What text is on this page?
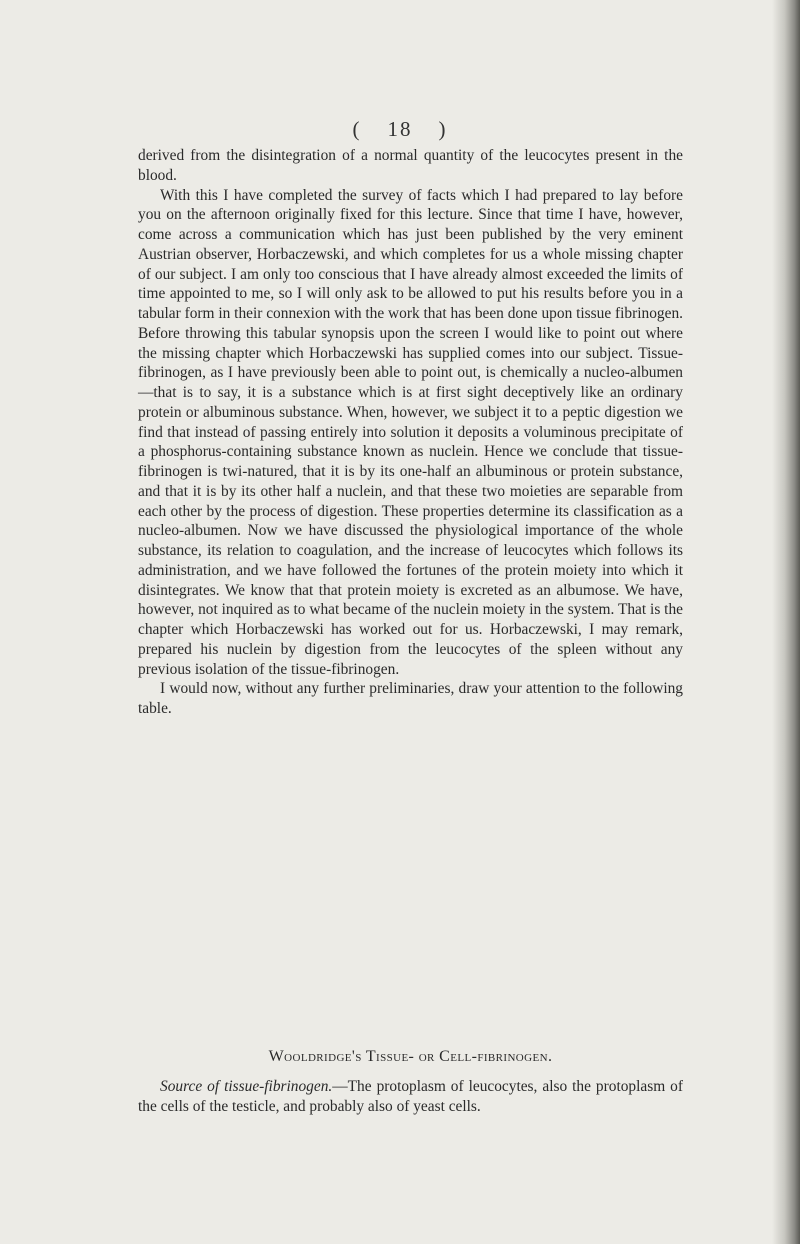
( 18 )

derived from the disintegration of a normal quantity of the leucocytes present in the blood.

With this I have completed the survey of facts which I had prepared to lay before you on the afternoon originally fixed for this lecture. Since that time I have, however, come across a communication which has just been published by the very eminent Austrian observer, Horbaczewski, and which completes for us a whole missing chapter of our subject. I am only too conscious that I have already almost exceeded the limits of time appointed to me, so I will only ask to be allowed to put his results before you in a tabular form in their connexion with the work that has been done upon tissue fibrinogen. Before throwing this tabular synopsis upon the screen I would like to point out where the missing chapter which Horbaczewski has supplied comes into our subject. Tissue-fibrinogen, as I have previously been able to point out, is chemically a nucleo-albumen—that is to say, it is a substance which is at first sight deceptively like an ordinary protein or albuminous substance. When, however, we subject it to a peptic digestion we find that instead of passing entirely into solution it deposits a voluminous precipitate of a phosphorus-containing substance known as nuclein. Hence we conclude that tissue-fibrinogen is twi-natured, that it is by its one-half an albuminous or protein substance, and that it is by its other half a nuclein, and that these two moieties are separable from each other by the process of digestion. These properties determine its classification as a nucleo-albumen. Now we have discussed the physiological importance of the whole substance, its relation to coagulation, and the increase of leucocytes which follows its administration, and we have followed the fortunes of the protein moiety into which it disintegrates. We know that that protein moiety is excreted as an albumose. We have, however, not inquired as to what became of the nuclein moiety in the system. That is the chapter which Horbaczewski has worked out for us. Horbaczewski, I may remark, prepared his nuclein by digestion from the leucocytes of the spleen without any previous isolation of the tissue-fibrinogen.

I would now, without any further preliminaries, draw your attention to the following table.

Wooldridge's Tissue- or Cell-fibrinogen.

Source of tissue-fibrinogen.—The protoplasm of leucocytes, also the protoplasm of the cells of the testicle, and probably also of yeast cells.
